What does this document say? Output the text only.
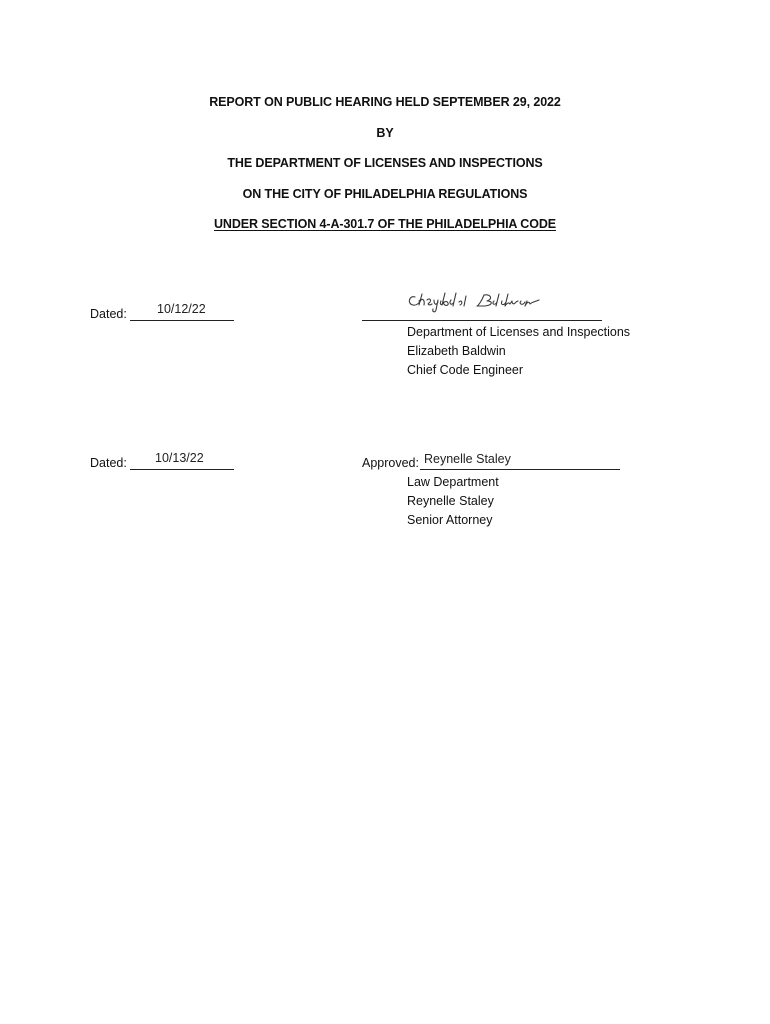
REPORT ON PUBLIC HEARING HELD SEPTEMBER 29, 2022
BY
THE DEPARTMENT OF LICENSES AND INSPECTIONS
ON THE CITY OF PHILADELPHIA REGULATIONS
UNDER SECTION 4-A-301.7 OF THE PHILADELPHIA CODE
Dated: 10/12/22
Department of Licenses and Inspections
Elizabeth Baldwin
Chief Code Engineer
Dated: 10/13/22	Approved: Reynelle Staley
Law Department
Reynelle Staley
Senior Attorney
